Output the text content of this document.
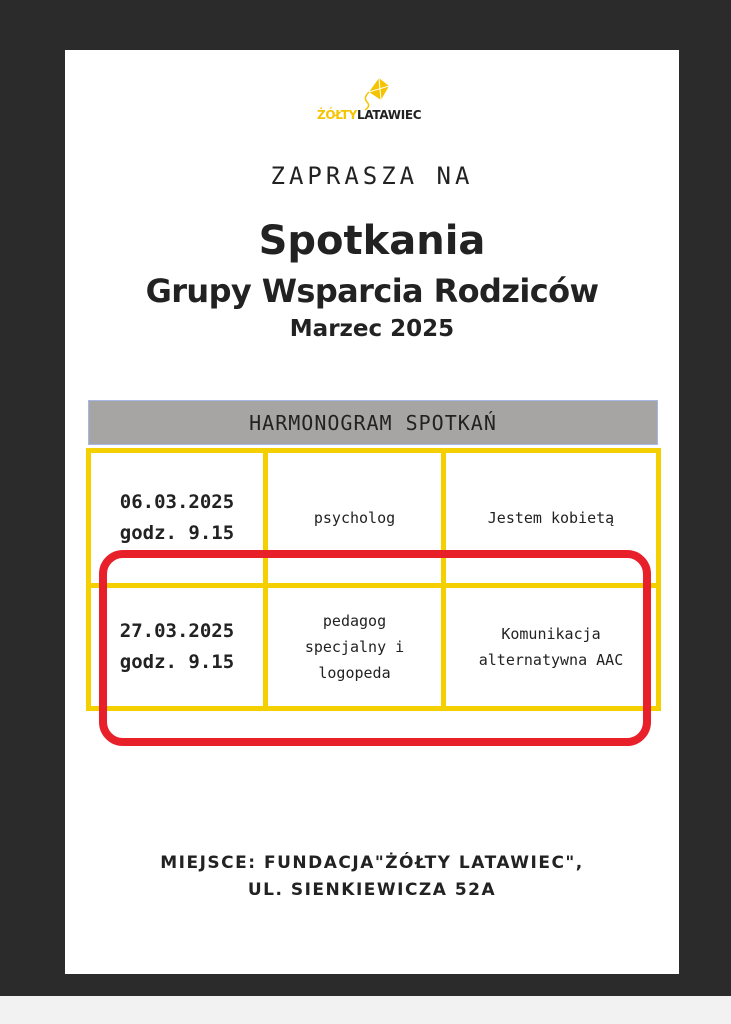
ŻÓŁTYLATAWIEC
ZAPRASZA NA
Spotkania
Grupy Wsparcia Rodziców
Marzec 2025
HARMONOGRAM SPOTKAŃ
06.03.2025
godz. 9.15
psycholog	Jestem kobietą
27.03.2025
godz. 9.15
pedagog
specjalny i
logopeda
Komunikacja
alternatywna AAC
MIEJSCE: FUNDACJA"ŻÓŁTY LATAWIEC",
UL. SIENKIEWICZA 52A
